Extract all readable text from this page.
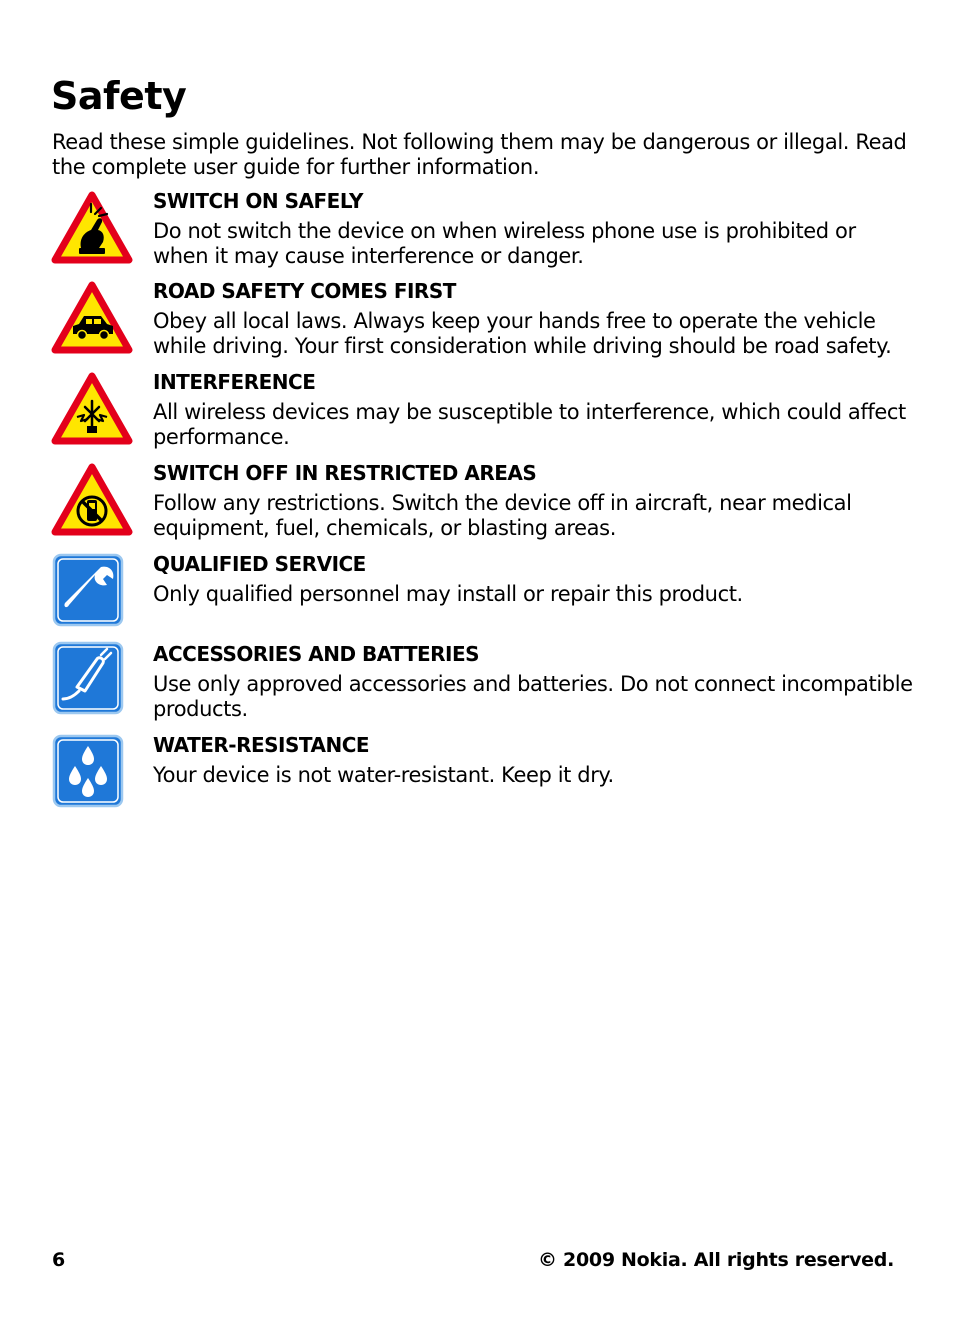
Safety

Read these simple guidelines. Not following them may be dangerous or illegal. Read the complete user guide for further information.

SWITCH ON SAFELY

Do not switch the device on when wireless phone use is prohibited or when it may cause interference or danger.

ROAD SAFETY COMES FIRST

Obey all local laws. Always keep your hands free to operate the vehicle while driving. Your first consideration while driving should be road safety.

INTERFERENCE

All wireless devices may be susceptible to interference, which could affect performance.

SWITCH OFF IN RESTRICTED AREAS

Follow any restrictions. Switch the device off in aircraft, near medical equipment, fuel, chemicals, or blasting areas.

QUALIFIED SERVICE

Only qualified personnel may install or repair this product.

ACCESSORIES AND BATTERIES

Use only approved accessories and batteries. Do not connect incompatible products.

WATER-RESISTANCE

Your device is not water-resistant. Keep it dry.

6	© 2009 Nokia. All rights reserved.
